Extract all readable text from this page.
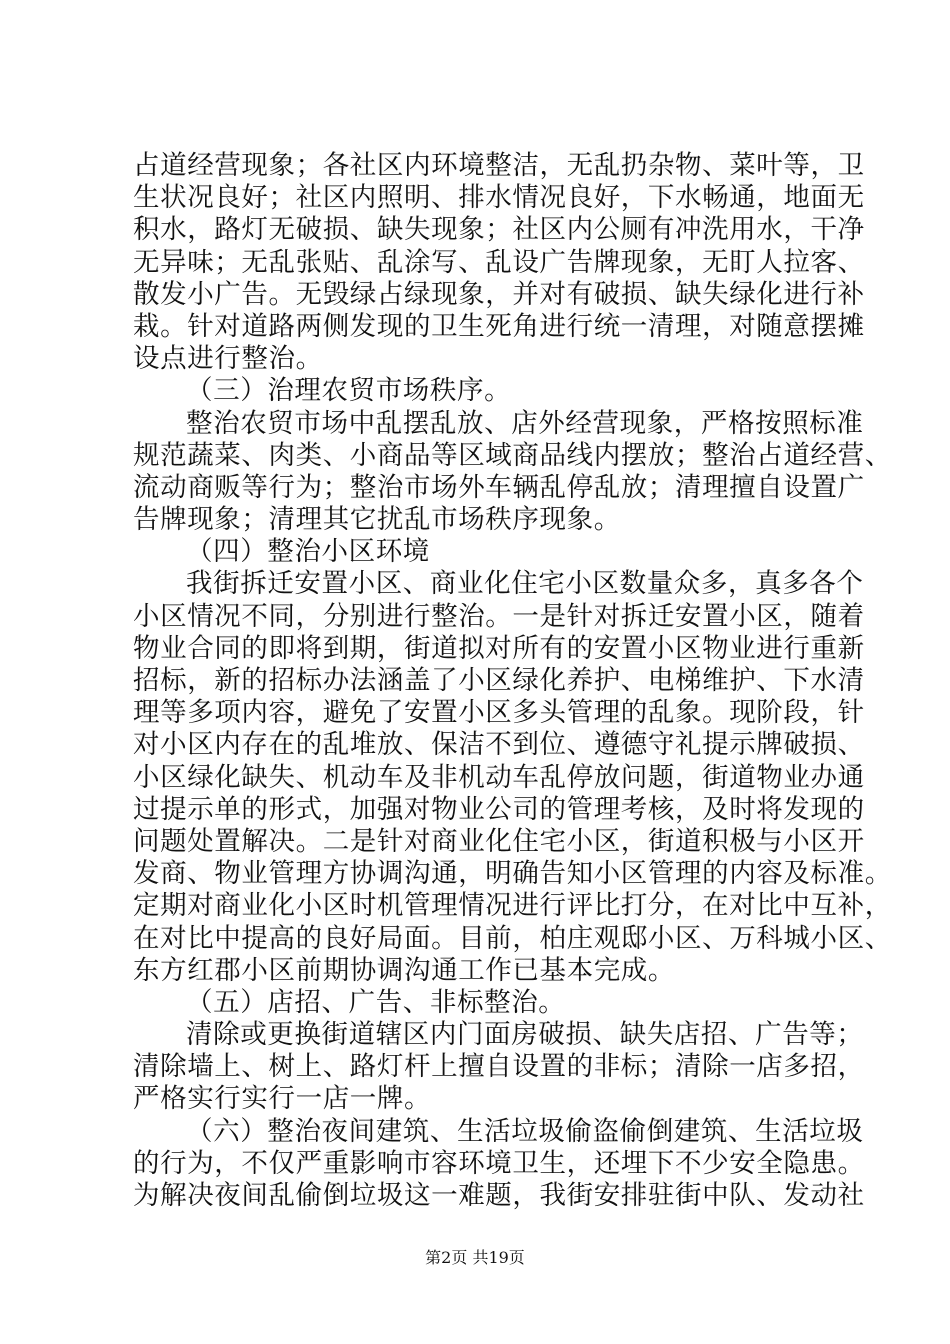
占道经营现象；各社区内环境整洁，无乱扔杂物、菜叶等，卫
生状况良好；社区内照明、排水情况良好，下水畅通，地面无
积水，路灯无破损、缺失现象；社区内公厕有冲洗用水，干净
无异味；无乱张贴、乱涂写、乱设广告牌现象，无盯人拉客、
散发小广告。无毁绿占绿现象，并对有破损、缺失绿化进行补
栽。针对道路两侧发现的卫生死角进行统一清理，对随意摆摊
设点进行整治。
（三）治理农贸市场秩序。
整治农贸市场中乱摆乱放、店外经营现象，严格按照标准
规范蔬菜、肉类、小商品等区域商品线内摆放；整治占道经营、
流动商贩等行为；整治市场外车辆乱停乱放；清理擅自设置广
告牌现象；清理其它扰乱市场秩序现象。
（四）整治小区环境
我街拆迁安置小区、商业化住宅小区数量众多，真多各个
小区情况不同，分别进行整治。一是针对拆迁安置小区，随着
物业合同的即将到期，街道拟对所有的安置小区物业进行重新
招标，新的招标办法涵盖了小区绿化养护、电梯维护、下水清
理等多项内容，避免了安置小区多头管理的乱象。现阶段，针
对小区内存在的乱堆放、保洁不到位、遵德守礼提示牌破损、
小区绿化缺失、机动车及非机动车乱停放问题，街道物业办通
过提示单的形式，加强对物业公司的管理考核，及时将发现的
问题处置解决。二是针对商业化住宅小区，街道积极与小区开
发商、物业管理方协调沟通，明确告知小区管理的内容及标准。
定期对商业化小区时机管理情况进行评比打分，在对比中互补，
在对比中提高的良好局面。目前，柏庄观邸小区、万科城小区、
东方红郡小区前期协调沟通工作已基本完成。
（五）店招、广告、非标整治。
清除或更换街道辖区内门面房破损、缺失店招、广告等；
清除墙上、树上、路灯杆上擅自设置的非标；清除一店多招，
严格实行实行一店一牌。
（六）整治夜间建筑、生活垃圾偷盗偷倒建筑、生活垃圾
的行为，不仅严重影响市容环境卫生，还埋下不少安全隐患。
为解决夜间乱偷倒垃圾这一难题，我街安排驻街中队、发动社
第2页 共19页
